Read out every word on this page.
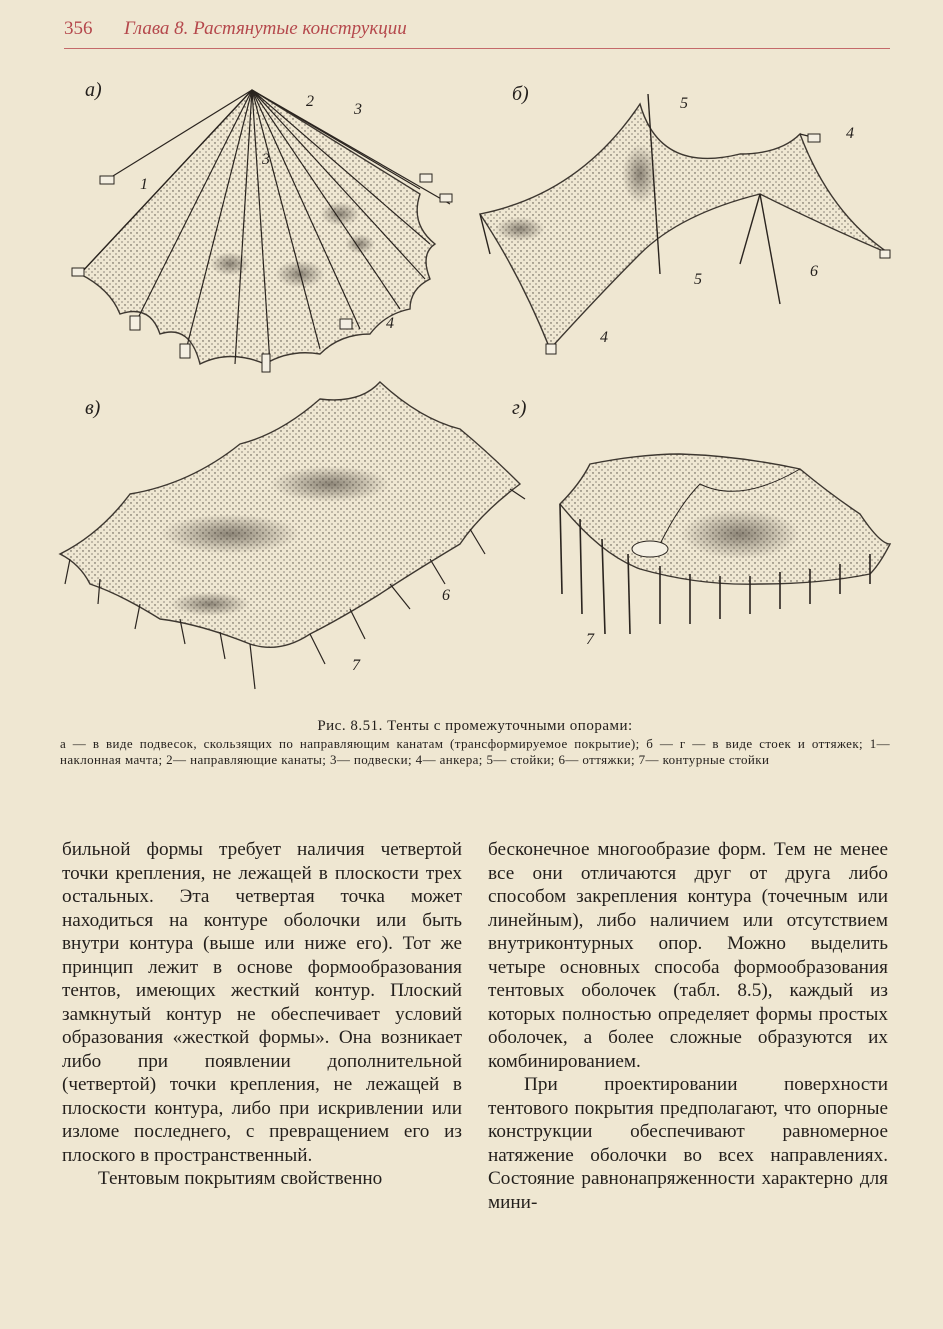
356 Глава 8. Растянутые конструкции
а)
1
2
3
3
4
б)	5
4
4
5	6
в)
6
7
г)
7
Рис. 8.51. Тенты с промежуточными опорами:
а — в виде подвесок, скользящих по направляющим канатам (трансформируемое покрытие); б — г — в виде стоек и оттяжек; 1— наклонная мачта; 2— направляющие канаты; 3— подвески; 4— анкера; 5— стойки; 6— оттяжки; 7— контурные стойки

бильной формы требует наличия четвертой точки крепления, не лежащей в плоскости трех остальных. Эта четвертая точка может находиться на контуре оболочки или быть внутри контура (выше или ниже его). Тот же принцип лежит в основе формообразования тентов, имеющих жесткий контур. Плоский замкнутый контур не обеспечивает условий образования «жесткой формы». Она возникает либо при появлении дополнительной (четвертой) точки крепления, не лежащей в плоскости контура, либо при искривлении или изломе последнего, с превращением его из плоского в пространственный.

Тентовым покрытиям свойственно

бесконечное многообразие форм. Тем не менее все они отличаются друг от друга либо способом закрепления контура (точечным или линейным), либо наличием или отсутствием внутриконтурных опор. Можно выделить четыре основных способа формообразования тентовых оболочек (табл. 8.5), каждый из которых полностью определяет формы простых оболочек, а более сложные образуются их комбинированием.

При проектировании поверхности тентового покрытия предполагают, что опорные конструкции обеспечивают равномерное натяжение оболочки во всех направлениях. Состояние равнонапряженности характерно для мини-
